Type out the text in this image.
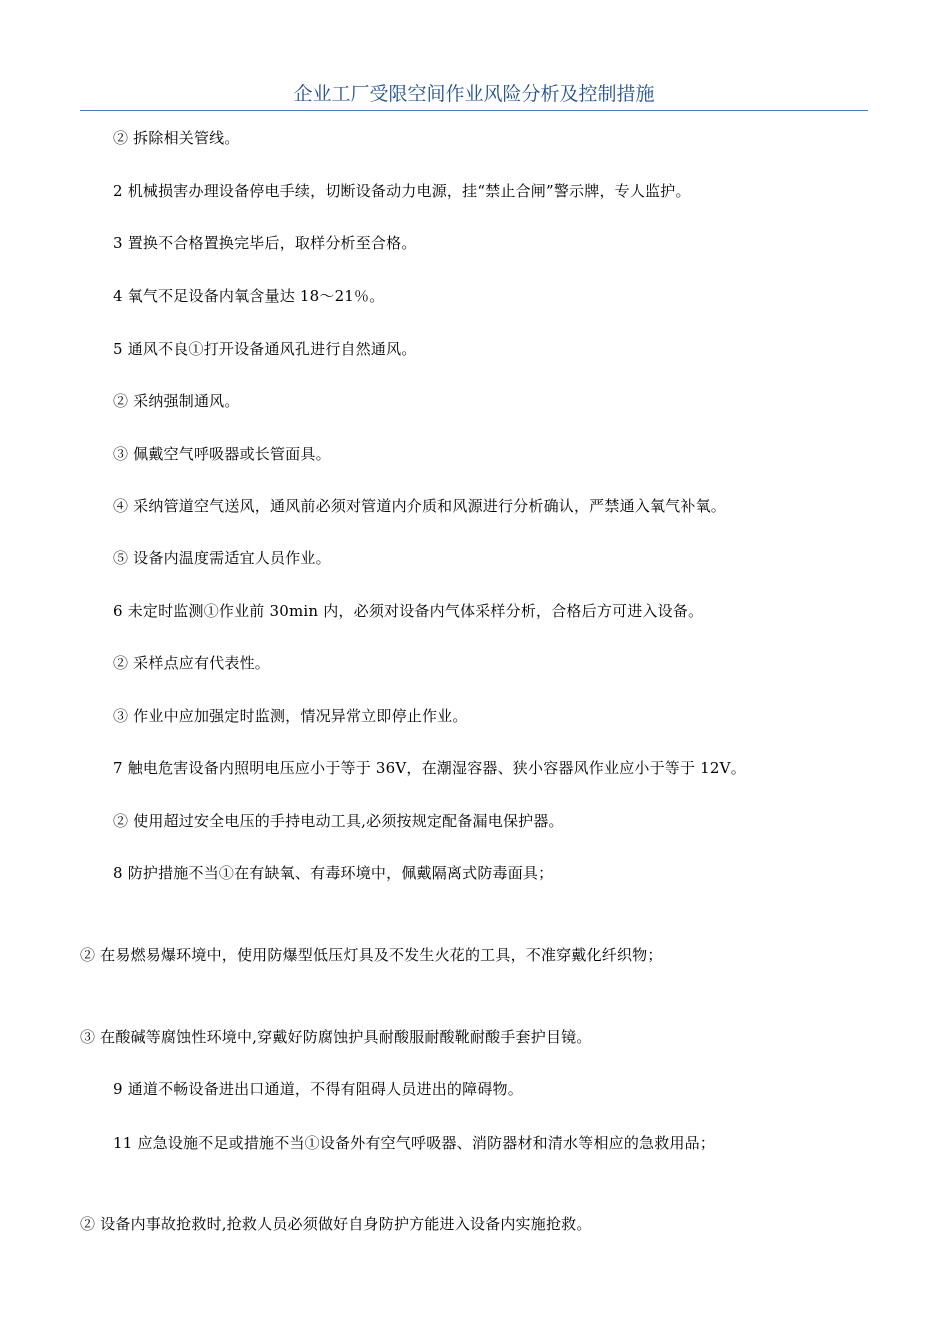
企业工厂受限空间作业风险分析及控制措施
② 拆除相关管线。
2 机械损害办理设备停电手续，切断设备动力电源，挂“禁止合闸”警示牌，专人监护。
3 置换不合格置换完毕后，取样分析至合格。
4 氧气不足设备内氧含量达 18～21％。
5 通风不良①打开设备通风孔进行自然通风。
② 采纳强制通风。
③ 佩戴空气呼吸器或长管面具。
④ 采纳管道空气送风，通风前必须对管道内介质和风源进行分析确认，严禁通入氧气补氧。
⑤ 设备内温度需适宜人员作业。
6 未定时监测①作业前 30min 内，必须对设备内气体采样分析，合格后方可进入设备。
② 采样点应有代表性。
③ 作业中应加强定时监测，情况异常立即停止作业。
7 触电危害设备内照明电压应小于等于 36V，在潮湿容器、狭小容器风作业应小于等于 12V。
② 使用超过安全电压的手持电动工具,必须按规定配备漏电保护器。
8 防护措施不当①在有缺氧、有毒环境中，佩戴隔离式防毒面具；
② 在易燃易爆环境中，使用防爆型低压灯具及不发生火花的工具，不准穿戴化纤织物；
③ 在酸碱等腐蚀性环境中,穿戴好防腐蚀护具耐酸服耐酸靴耐酸手套护目镜。
9 通道不畅设备进出口通道，不得有阻碍人员进出的障碍物。
11 应急设施不足或措施不当①设备外有空气呼吸器、消防器材和清水等相应的急救用品；
② 设备内事故抢救时,抢救人员必须做好自身防护方能进入设备内实施抢救。
